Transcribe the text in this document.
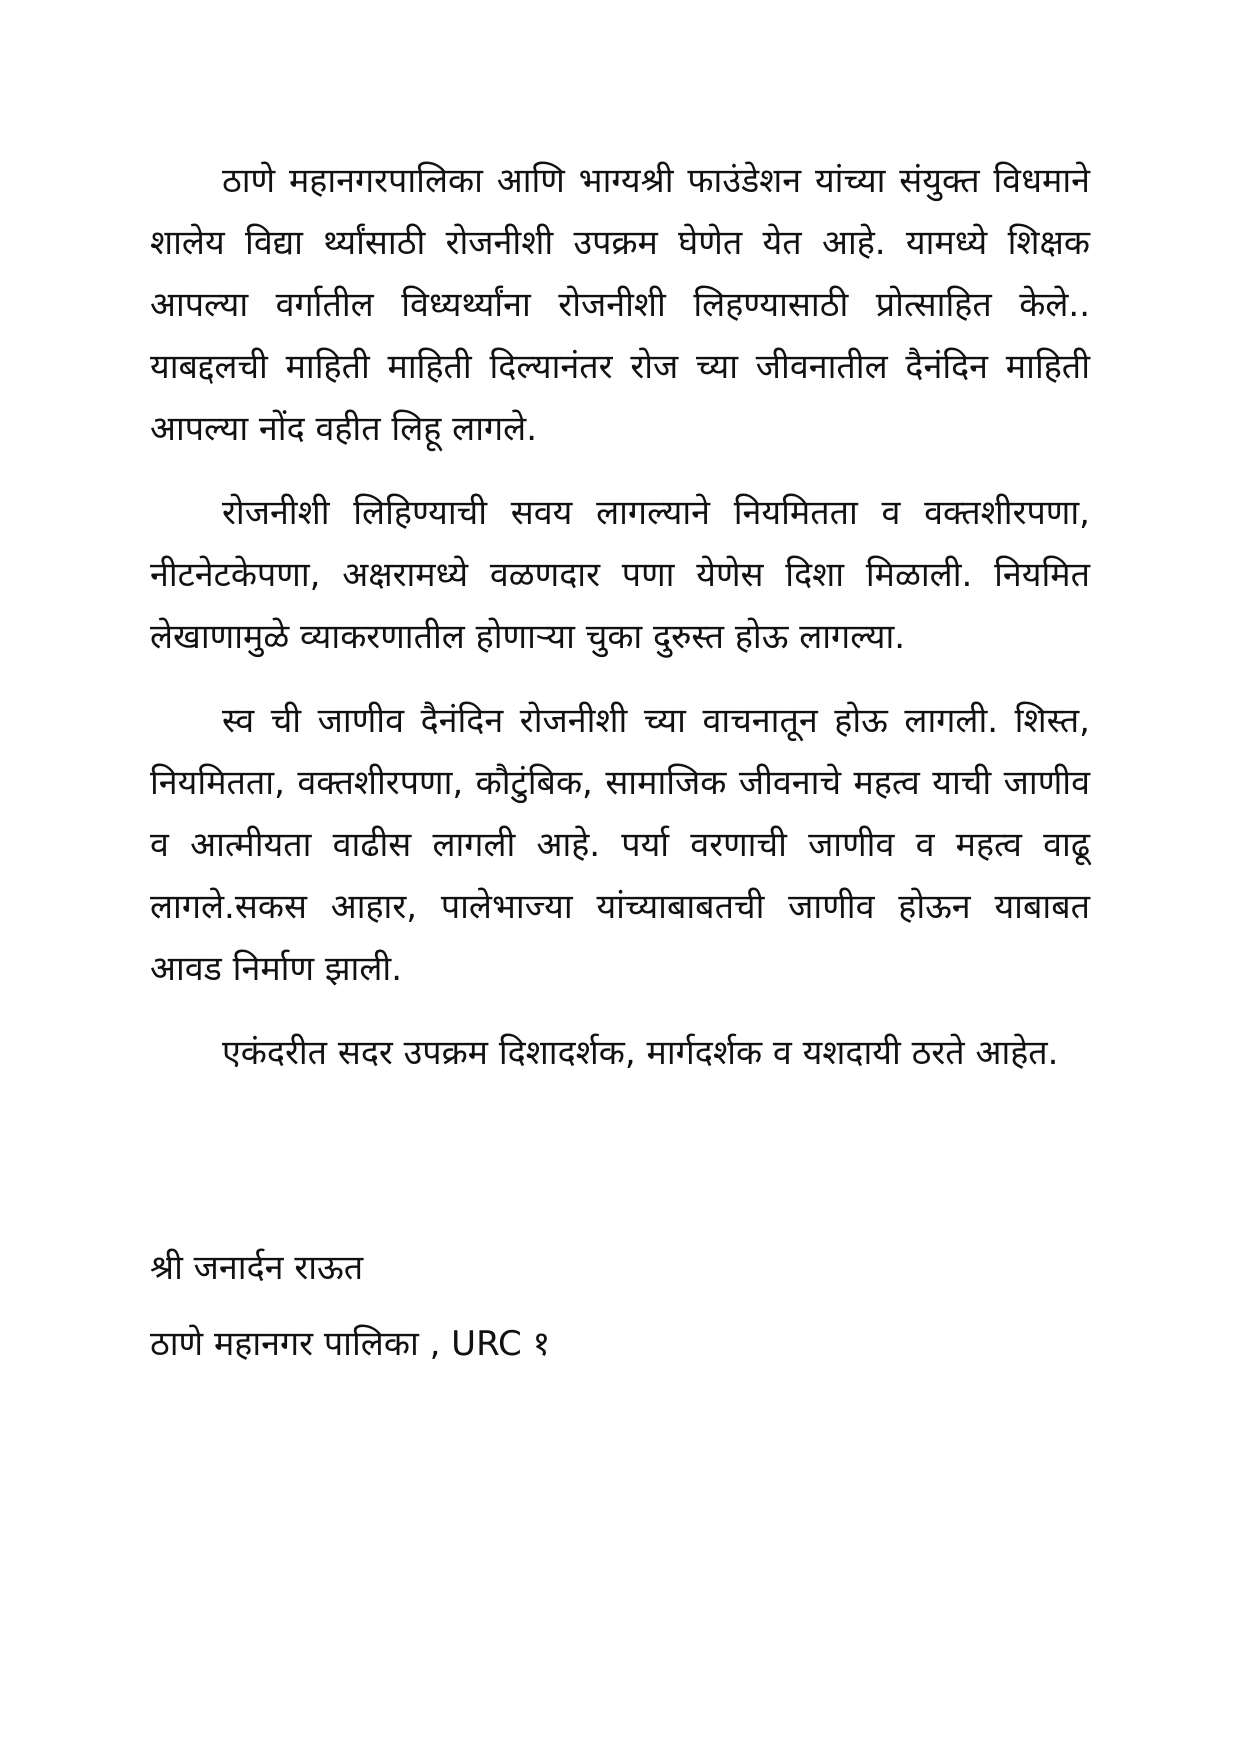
ठाणे महानगरपालिका आणि भाग्यश्री फाउंडेशन यांच्या संयुक्त विधमाने शालेय विद्या र्थ्यांसाठी रोजनीशी उपक्रम घेणेत येत आहे. यामध्ये शिक्षक आपल्या वर्गातील विध्यर्थ्यांना रोजनीशी लिहण्यासाठी प्रोत्साहित केले.. याबद्दलची माहिती माहिती दिल्यानंतर रोज च्या जीवनातील दैनंदिन माहिती आपल्या नोंद वहीत लिहू लागले.

रोजनीशी लिहिण्याची सवय लागल्याने नियमितता व वक्तशीरपणा, नीटनेटकेपणा, अक्षरामध्ये वळणदार पणा येणेस दिशा मिळाली. नियमित लेखाणामुळे व्याकरणातील होणाऱ्या चुका दुरुस्त होऊ लागल्या.

स्व ची जाणीव दैनंदिन रोजनीशी च्या वाचनातून होऊ लागली. शिस्त, नियमितता, वक्तशीरपणा, कौटुंबिक, सामाजिक जीवनाचे महत्व याची जाणीव व आत्मीयता वाढीस लागली आहे. पर्या वरणाची जाणीव व महत्व वाढू लागले.सकस आहार, पालेभाज्या यांच्याबाबतची जाणीव होऊन याबाबत आवड निर्माण झाली.

एकंदरीत सदर उपक्रम दिशादर्शक, मार्गदर्शक व यशदायी ठरते आहेत.

श्री जनार्दन राऊत

ठाणे महानगर पालिका , URC १
